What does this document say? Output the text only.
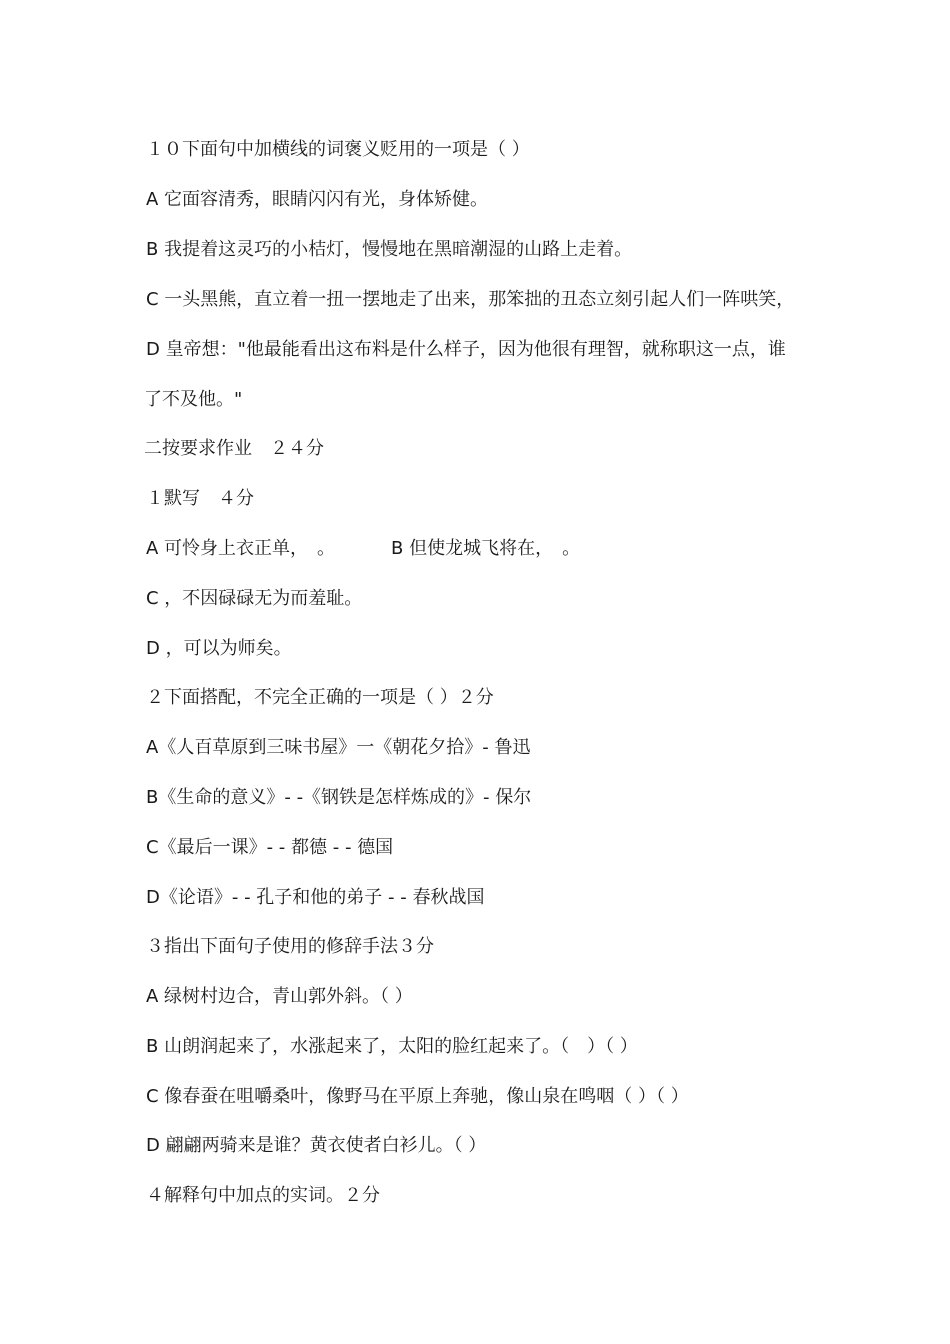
１０下面句中加横线的词褒义贬用的一项是（ ）
A 它面容清秀，眼睛闪闪有光，身体矫健。
B 我提着这灵巧的小桔灯，慢慢地在黑暗潮湿的山路上走着。
C 一头黑熊，直立着一扭一摆地走了出来，那笨拙的丑态立刻引起人们一阵哄笑，
D 皇帝想："他最能看出这布料是什么样子，因为他很有理智，就称职这一点，谁
了不及他。"
二按要求作业　２４分
１默写　４分
A 可怜身上衣正单，　。	B 但使龙城飞将在，　。
C ，不因碌碌无为而羞耻。
D ，可以为师矣。
２下面搭配，不完全正确的一项是（ ）２分
A《人百草原到三味书屋》一《朝花夕拾》- 鲁迅
B《生命的意义》- -《钢铁是怎样炼成的》- 保尔
C《最后一课》- - 都德 - - 德国
D《论语》- - 孔子和他的弟子 - - 春秋战国
３指出下面句子使用的修辞手法３分
A 绿树村边合，青山郭外斜。（ ）
B 山朗润起来了，水涨起来了，太阳的脸红起来了。（　）（ ）
C 像春蚕在咀嚼桑叶，像野马在平原上奔驰，像山泉在鸣咽（ ）（ ）
D 翩翩两骑来是谁？黄衣使者白衫儿。（ ）
４解释句中加点的实词。２分
